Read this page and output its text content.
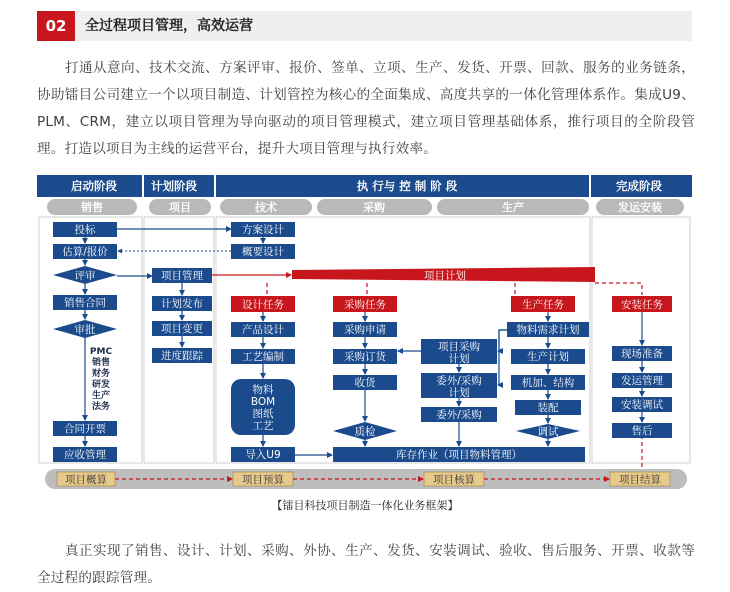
02	全过程项目管理，高效运营

打通从意向、技术交流、方案评审、报价、签单、立项、生产、发货、开票、回款、服务的业务链条，协助镭目公司建立一个以项目制造、计划管控为核心的全面集成、高度共享的一体化管理体系作。集成U9、PLM、CRM，建立以项目管理为导向驱动的项目管理模式，建立项目管理基础体系，推行项目的全阶段管理。打造以项目为主线的运营平台，提升大项目管理与执行效率。

启动阶段	计划阶段	执 行与 控 制 阶 段	完成阶段
销售	项目	技术	采购	生产	发运安装
投标
估算/报价
评审
销售合同
审批
合同开票
应收管理
PMC
销售
财务
研发
生产
法务
项目管理
计划发布
项目变更
进度跟踪
项目计划
方案设计
概要设计
设计任务
产品设计
工艺编制
物料
BOM
图纸
工艺
导入U9
采购任务
采购申请
采购订货
收货
质检
项目采购
计划
委外/采购
计划
委外/采购
生产任务
物料需求计划
生产计划
机加、结构
装配
调试
安装任务
现场准备
发运管理
安装调试
售后
库存作业（项目物料管理）
项目概算	项目预算	项目核算	项目结算
【镭目科技项目制造一体化业务框架】

真正实现了销售、设计、计划、采购、外协、生产、发货、安装调试、验收、售后服务、开票、收款等全过程的跟踪管理。
